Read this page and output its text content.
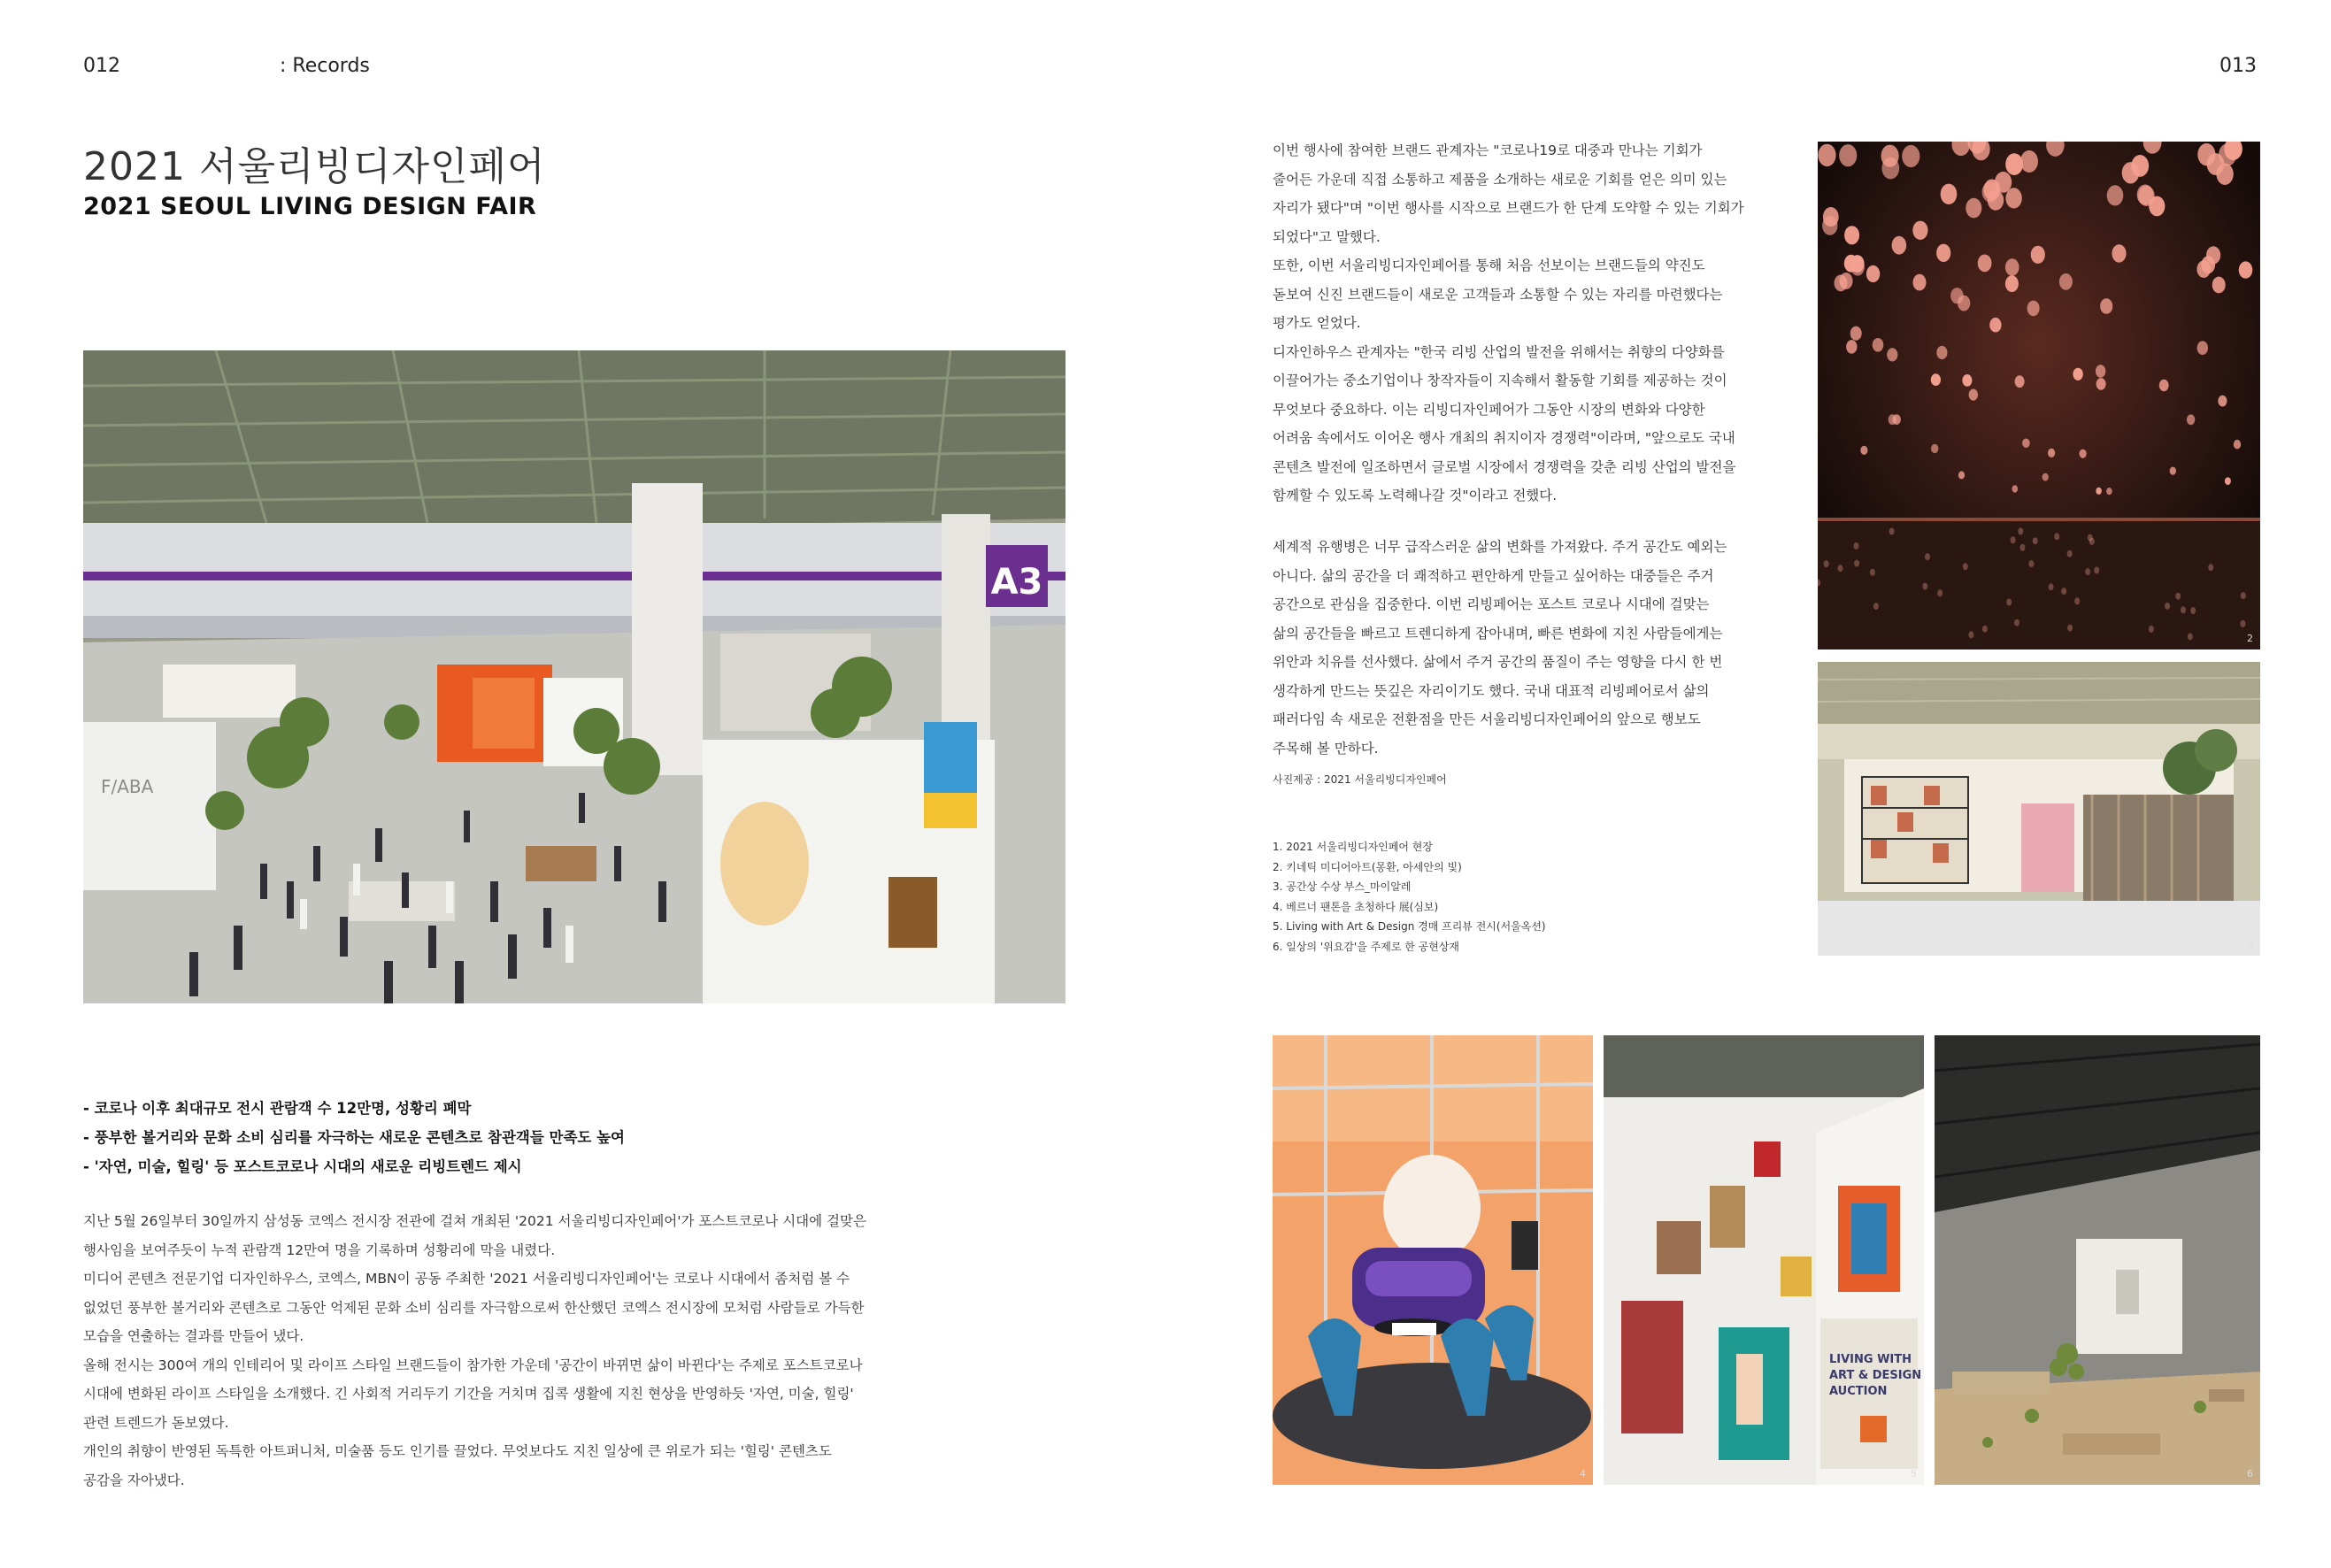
012	: Records	013
2021 서울리빙디자인페어
2021 SEOUL LIVING DESIGN FAIR
A3
F/ABA
- 코로나 이후 최대규모 전시 관람객 수 12만명, 성황리 폐막
- 풍부한 볼거리와 문화 소비 심리를 자극하는 새로운 콘텐츠로 참관객들 만족도 높여
- '자연, 미술, 힐링' 등 포스트코로나 시대의 새로운 리빙트렌드 제시
지난 5월 26일부터 30일까지 삼성동 코엑스 전시장 전관에 걸쳐 개최된 '2021 서울리빙디자인페어'가 포스트코로나 시대에 걸맞은
행사임을 보여주듯이 누적 관람객 12만여 명을 기록하며 성황리에 막을 내렸다.
미디어 콘텐츠 전문기업 디자인하우스, 코엑스, MBN이 공동 주최한 '2021 서울리빙디자인페어'는 코로나 시대에서 좀처럼 볼 수
없었던 풍부한 볼거리와 콘텐츠로 그동안 억제된 문화 소비 심리를 자극함으로써 한산했던 코엑스 전시장에 모처럼 사람들로 가득한
모습을 연출하는 결과를 만들어 냈다.
올해 전시는 300여 개의 인테리어 및 라이프 스타일 브랜드들이 참가한 가운데 '공간이 바뀌면 삶이 바뀐다'는 주제로 포스트코로나
시대에 변화된 라이프 스타일을 소개했다. 긴 사회적 거리두기 기간을 거치며 집콕 생활에 지친 현상을 반영하듯 '자연, 미술, 힐링'
관련 트렌드가 돋보였다.
개인의 취향이 반영된 독특한 아트퍼니처, 미술품 등도 인기를 끌었다. 무엇보다도 지친 일상에 큰 위로가 되는 '힐링' 콘텐츠도
공감을 자아냈다.
이번 행사에 참여한 브랜드 관계자는 "코로나19로 대중과 만나는 기회가
줄어든 가운데 직접 소통하고 제품을 소개하는 새로운 기회를 얻은 의미 있는
자리가 됐다"며 "이번 행사를 시작으로 브랜드가 한 단계 도약할 수 있는 기회가
되었다"고 말했다.
또한, 이번 서울리빙디자인페어를 통해 처음 선보이는 브랜드들의 약진도
돋보여 신진 브랜드들이 새로운 고객들과 소통할 수 있는 자리를 마련했다는
평가도 얻었다.
디자인하우스 관계자는 "한국 리빙 산업의 발전을 위해서는 취향의 다양화를
이끌어가는 중소기업이나 창작자들이 지속해서 활동할 기회를 제공하는 것이
무엇보다 중요하다. 이는 리빙디자인페어가 그동안 시장의 변화와 다양한
어려움 속에서도 이어온 행사 개최의 취지이자 경쟁력"이라며, "앞으로도 국내
콘텐츠 발전에 일조하면서 글로벌 시장에서 경쟁력을 갖춘 리빙 산업의 발전을
함께할 수 있도록 노력해나갈 것"이라고 전했다.
세계적 유행병은 너무 급작스러운 삶의 변화를 가져왔다. 주거 공간도 예외는
아니다. 삶의 공간을 더 쾌적하고 편안하게 만들고 싶어하는 대중들은 주거
공간으로 관심을 집중한다. 이번 리빙페어는 포스트 코로나 시대에 걸맞는
삶의 공간들을 빠르고 트렌디하게 잡아내며, 빠른 변화에 지친 사람들에게는
위안과 치유를 선사했다. 삶에서 주거 공간의 품질이 주는 영향을 다시 한 번
생각하게 만드는 뜻깊은 자리이기도 했다. 국내 대표적 리빙페어로서 삶의
패러다임 속 새로운 전환점을 만든 서울리빙디자인페어의 앞으로 행보도
주목해 볼 만하다.
사진제공 : 2021 서울리빙디자인페어
1. 2021 서울리빙디자인페어 현장
2. 키네틱 미디어아트(몽환, 아세안의 빛)
3. 공간상 수상 부스_마이알레
4. 베르너 팬톤을 초청하다 展(심보)
5. Living with Art & Design 경매 프리뷰 전시(서울옥션)
6. 일상의 '위요감'을 주제로 한 공현상재
2
3
4
LIVING WITH ART & DESIGN AUCTION
5	6
